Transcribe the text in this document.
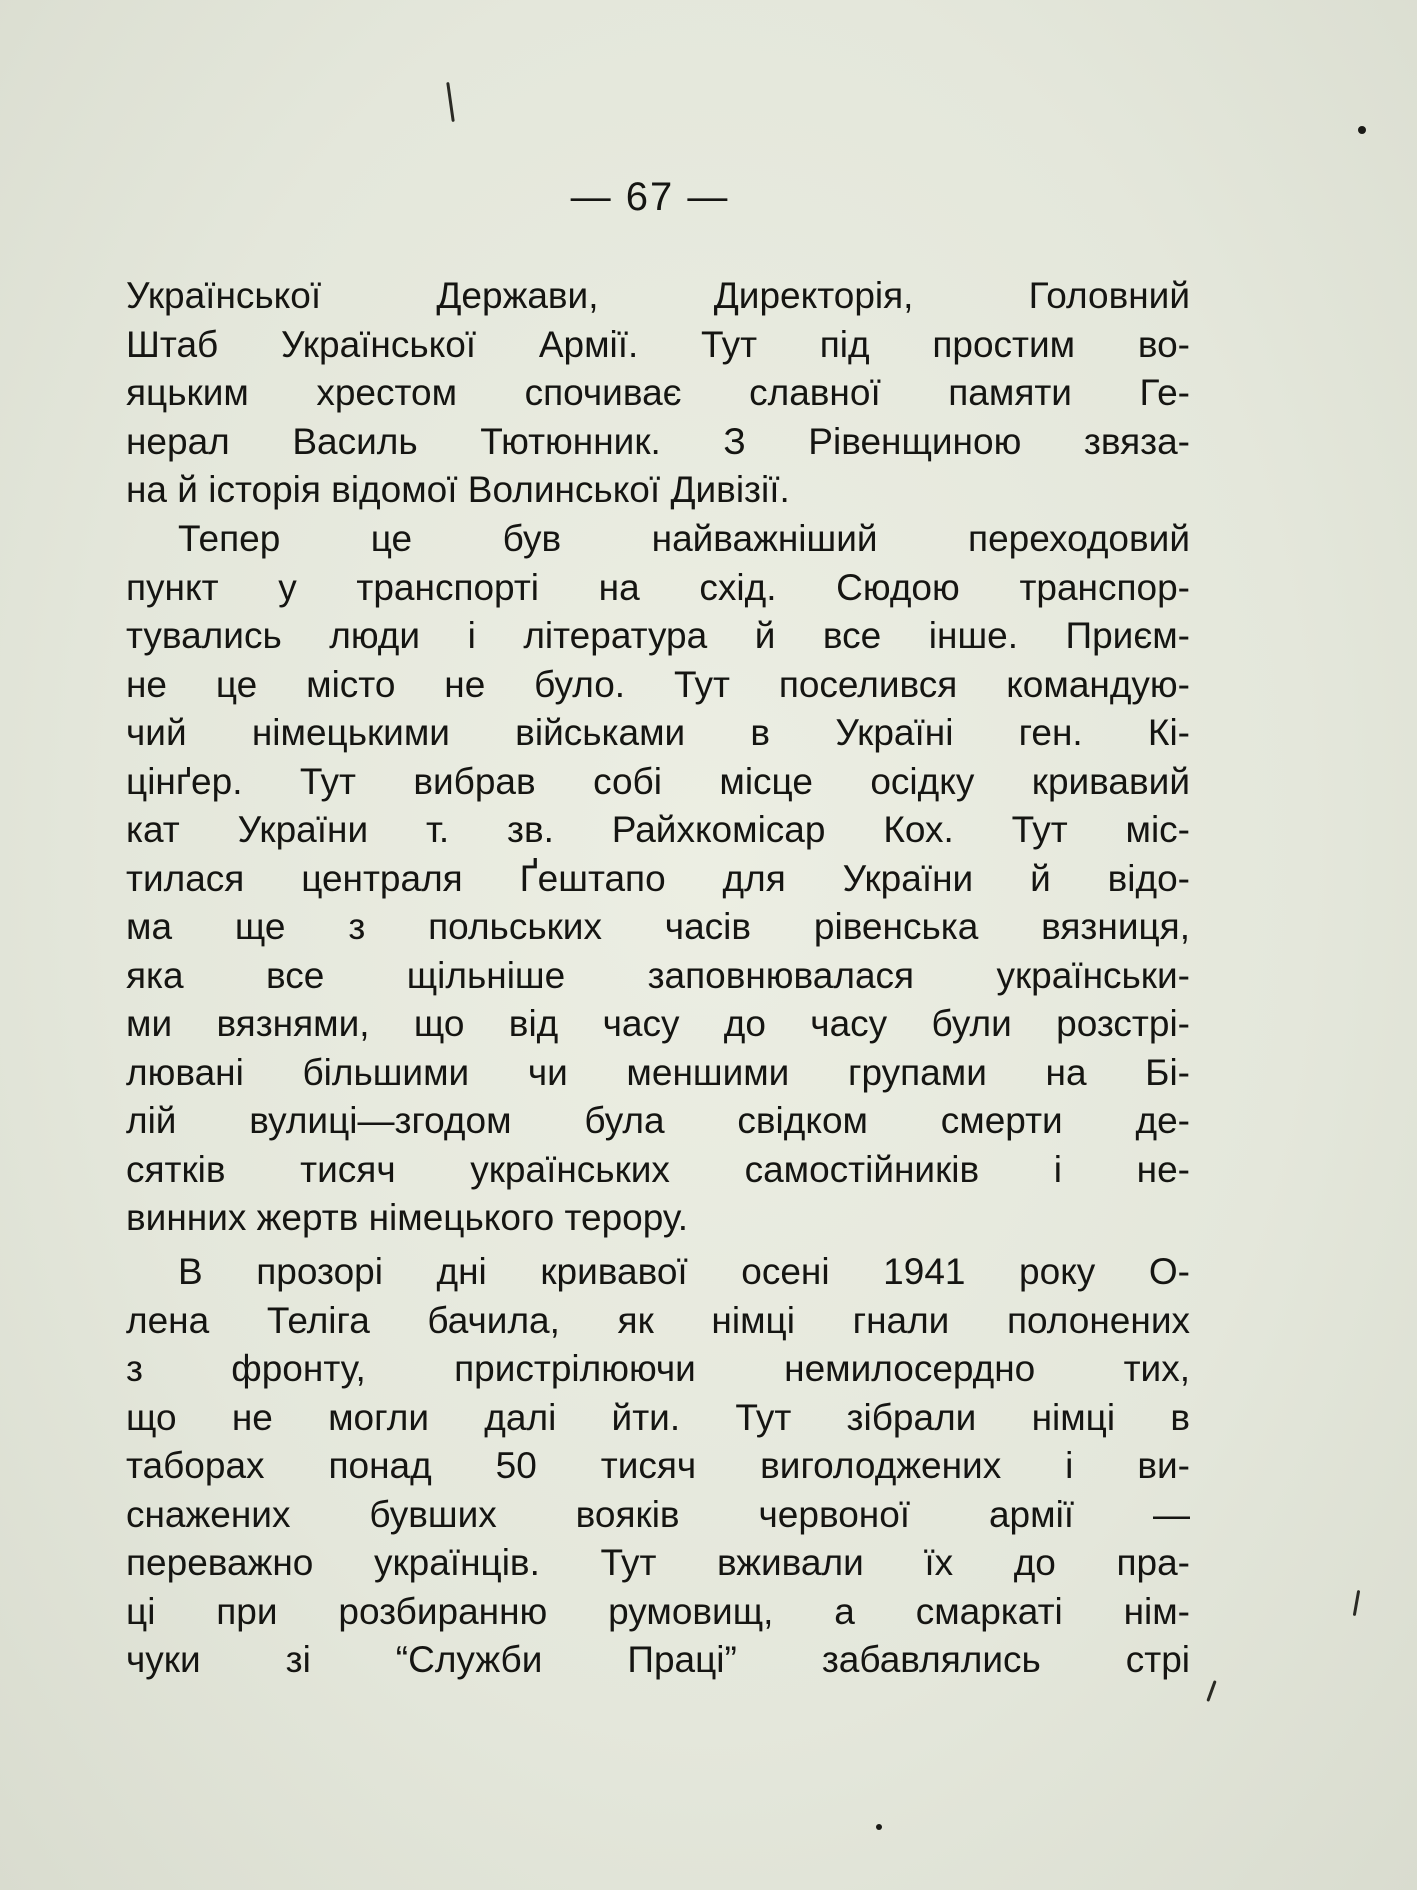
— 67 —
Української Держави, Директорія, Головний
Штаб Української Армії. Тут під простим во-
яцьким хрестом спочиває славної памяти Ге-
нерал Василь Тютюнник. З Рівенщиною звяза-
на й історія відомої Волинської Дивізії.
Тепер це був найважніший переходовий
пункт у транспорті на схід. Сюдою транспор-
тувались люди і література й все інше. Приєм-
не це місто не було. Тут поселився командую-
чий німецькими військами в Україні ген. Кі-
цінґер. Тут вибрав собі місце осідку кривавий
кат України т. зв. Райхкомісар Кох. Тут міс-
тилася централя Ґештапо для України й відо-
ма ще з польських часів рівенська вязниця,
яка все щільніше заповнювалася українськи-
ми вязнями, що від часу до часу були розстрі-
лювані більшими чи меншими групами на Бі-
лій вулиці—згодом була свідком смерти де-
сятків тисяч українських самостійників і не-
винних жертв німецького терору.
В прозорі дні кривавої осені 1941 року О-
лена Теліга бачила, як німці гнали полонених
з фронту, пристрілюючи немилосердно тих,
що не могли далі йти. Тут зібрали німці в
таборах понад 50 тисяч виголоджених і ви-
снажених бувших вояків червоної армії —
переважно українців. Тут вживали їх до пра-
ці при розбиранню румовищ, а смаркаті нім-
чуки зі “Служби Праці” забавлялись стрі
